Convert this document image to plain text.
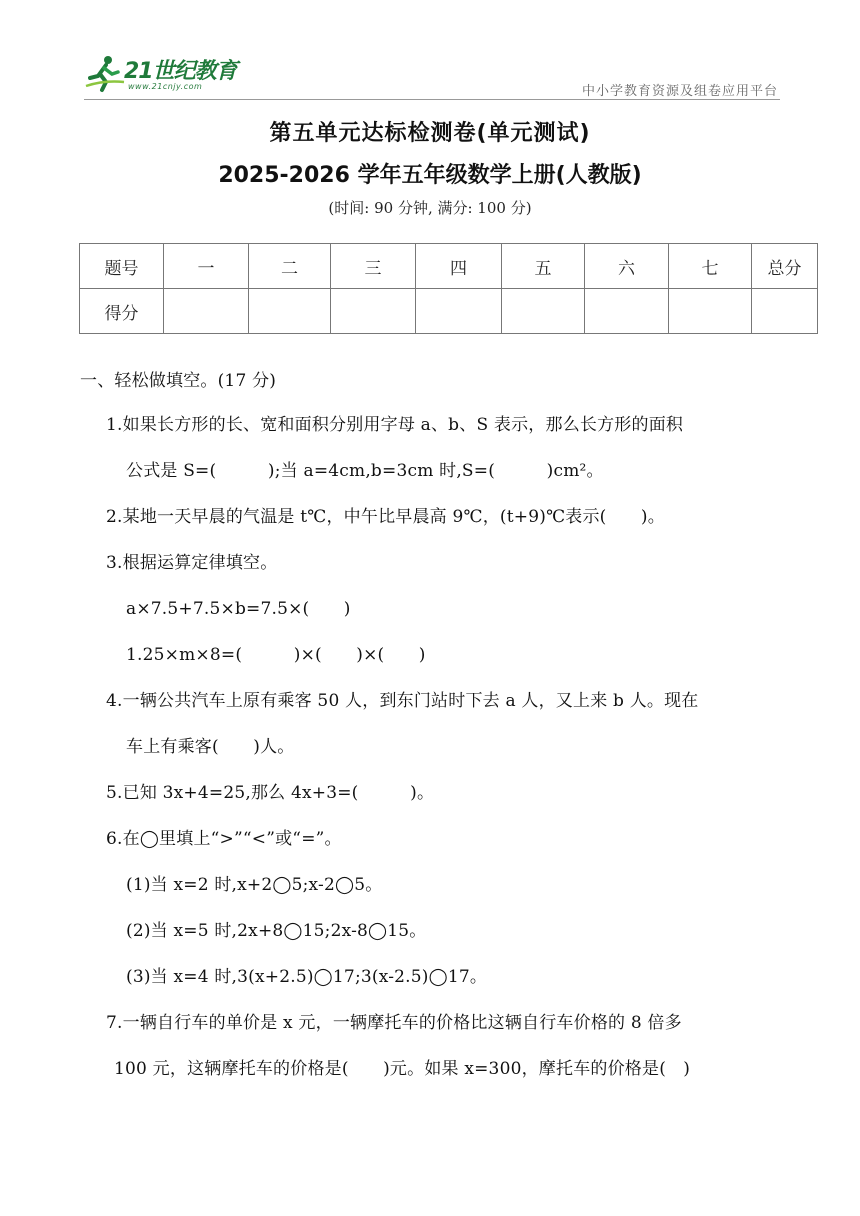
21世纪教育
www.21cnjy.com	中小学教育资源及组卷应用平台
第五单元达标检测卷(单元测试)
2025-2026 学年五年级数学上册(人教版)
(时间: 90 分钟, 满分: 100 分)
题号	一	二	三	四	五	六	七	总分
得分								
一、轻松做填空。(17 分)
1.如果长方形的长、宽和面积分别用字母 a、b、S 表示，那么长方形的面积
公式是 S=(　　　);当 a=4cm,b=3cm 时,S=(　　　)cm²。
2.某地一天早晨的气温是 t℃，中午比早晨高 9℃，(t+9)℃表示(　　)。
3.根据运算定律填空。
a×7.5+7.5×b=7.5×(　　)
1.25×m×8=(　　　)×(　　)×(　　)
4.一辆公共汽车上原有乘客 50 人，到东门站时下去 a 人，又上来 b 人。现在
车上有乘客(　　)人。
5.已知 3x+4=25,那么 4x+3=(　　　)。
6.在◯里填上“>”“<”或“=”。
(1)当 x=2 时,x+2◯5;x-2◯5。
(2)当 x=5 时,2x+8◯15;2x-8◯15。
(3)当 x=4 时,3(x+2.5)◯17;3(x-2.5)◯17。
7.一辆自行车的单价是 x 元，一辆摩托车的价格比这辆自行车价格的 8 倍多
100 元，这辆摩托车的价格是(　　)元。如果 x=300，摩托车的价格是(　)
